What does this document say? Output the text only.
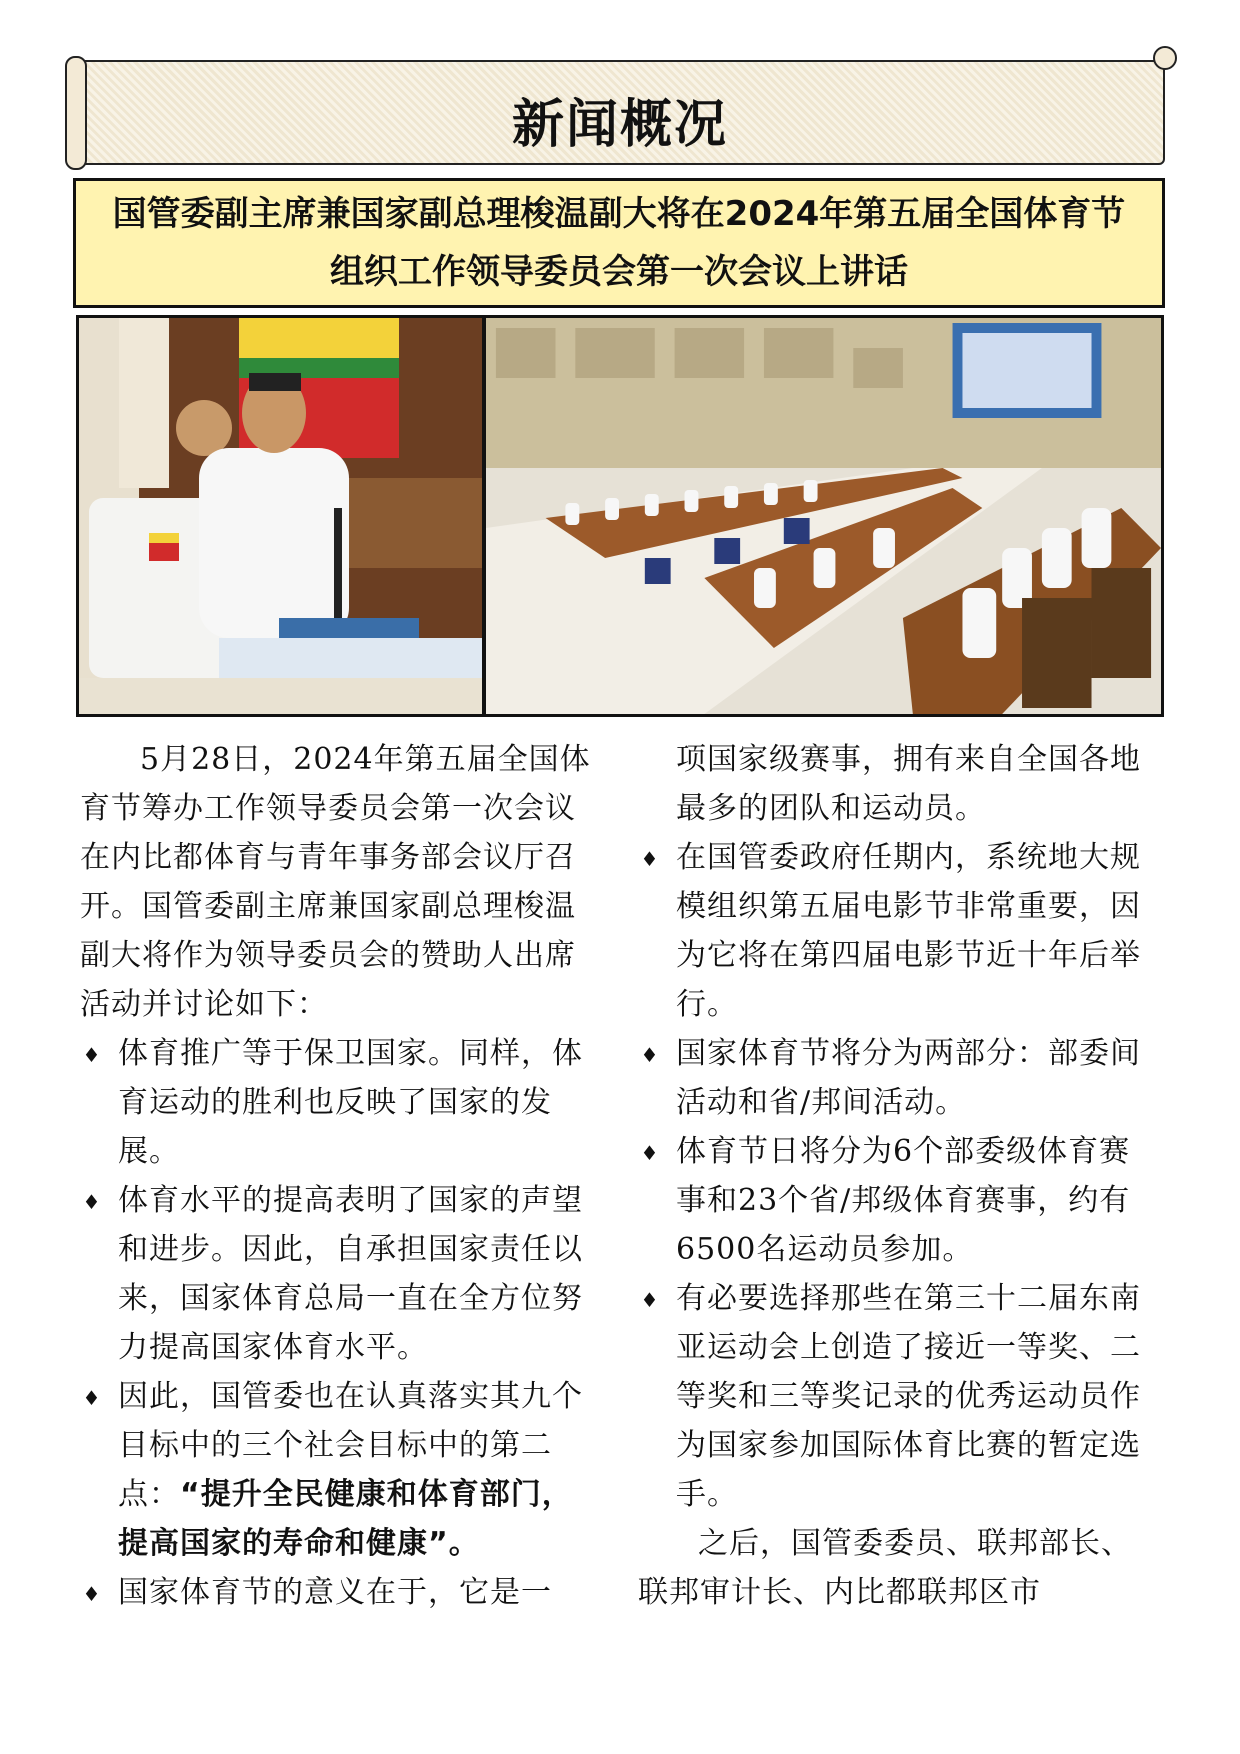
新闻概况
国管委副主席兼国家副总理梭温副大将在2024年第五届全国体育节组织工作领导委员会第一次会议上讲话

5月28日，2024年第五届全国体育节筹办工作领导委员会第一次会议在内比都体育与青年事务部会议厅召开。国管委副主席兼国家副总理梭温副大将作为领导委员会的赞助人出席活动并讨论如下：

♦ 体育推广等于保卫国家。同样，体育运动的胜利也反映了国家的发展。
♦ 体育水平的提高表明了国家的声望和进步。因此，自承担国家责任以来，国家体育总局一直在全方位努力提高国家体育水平。
♦ 因此，国管委也在认真落实其九个目标中的三个社会目标中的第二点：“提升全民健康和体育部门，提高国家的寿命和健康”。
♦ 国家体育节的意义在于，它是一
项国家级赛事，拥有来自全国各地最多的团队和运动员。
♦ 在国管委政府任期内，系统地大规模组织第五届电影节非常重要，因为它将在第四届电影节近十年后举行。
♦ 国家体育节将分为两部分：部委间活动和省/邦间活动。
♦ 体育节日将分为6个部委级体育赛事和23个省/邦级体育赛事，约有6500名运动员参加。
♦ 有必要选择那些在第三十二届东南亚运动会上创造了接近一等奖、二等奖和三等奖记录的优秀运动员作为国家参加国际体育比赛的暂定选手。

之后，国管委委员、联邦部长、联邦审计长、内比都联邦区市
